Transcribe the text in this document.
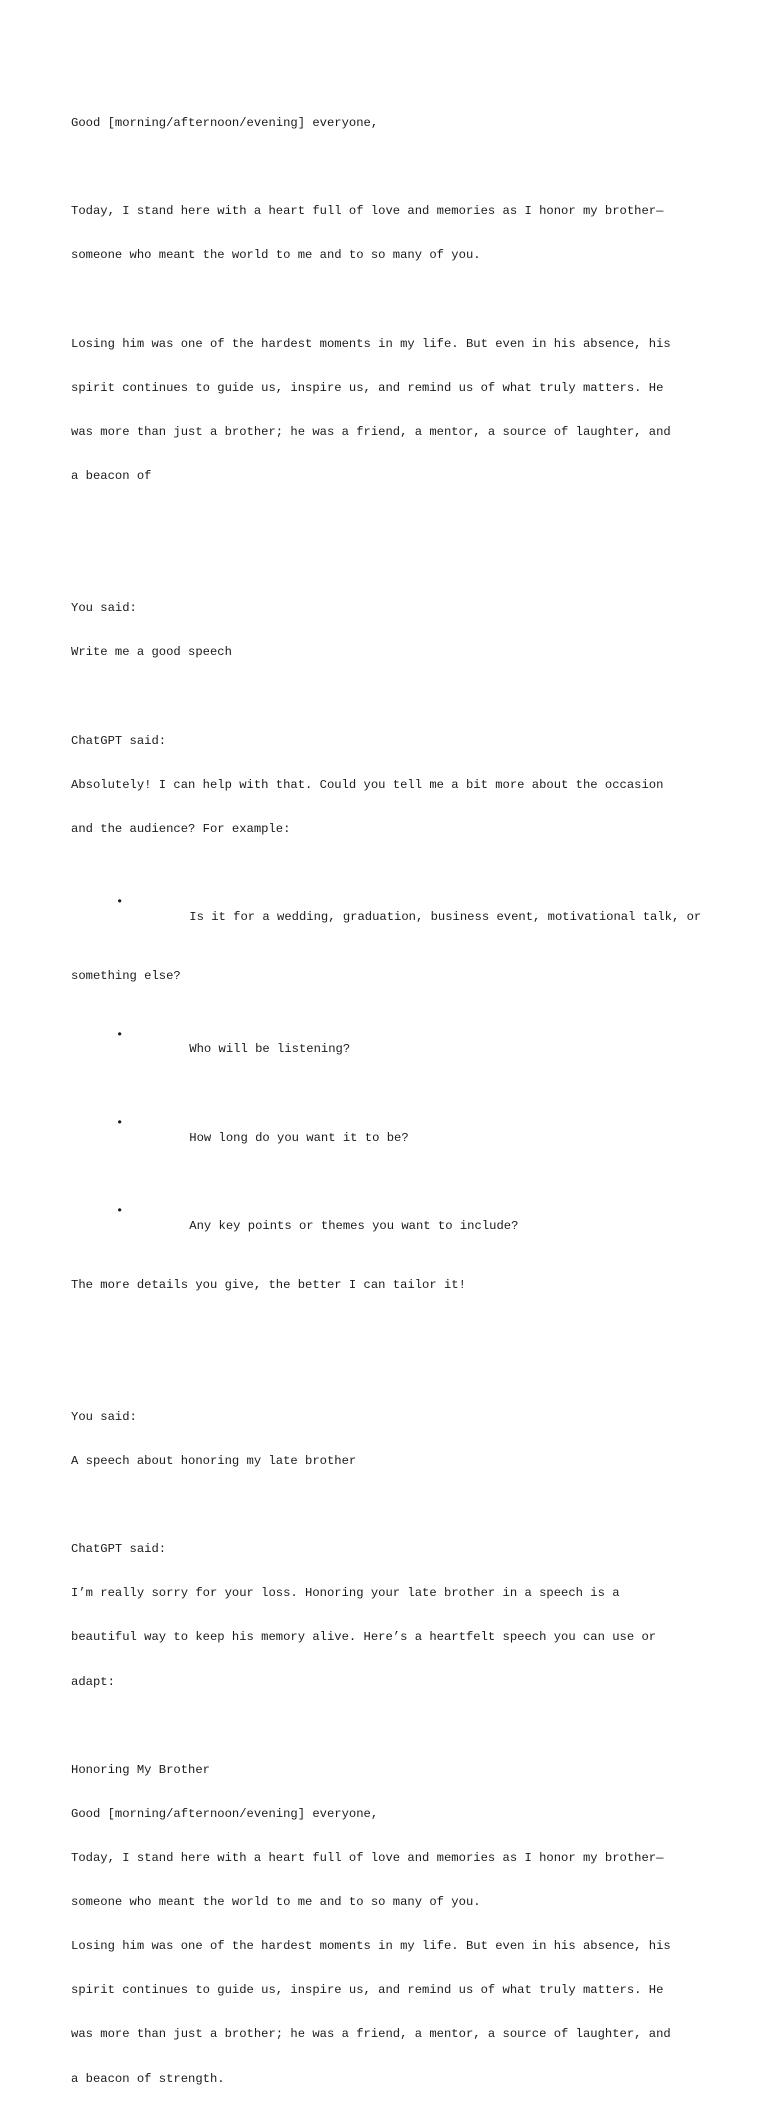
Good [morning/afternoon/evening] everyone,

Today, I stand here with a heart full of love and memories as I honor my brother—

someone who meant the world to me and to so many of you.

Losing him was one of the hardest moments in my life. But even in his absence, his

spirit continues to guide us, inspire us, and remind us of what truly matters. He

was more than just a brother; he was a friend, a mentor, a source of laughter, and

a beacon of

You said:

Write me a good speech

ChatGPT said:

Absolutely! I can help with that. Could you tell me a bit more about the occasion

and the audience? For example:

•

Is it for a wedding, graduation, business event, motivational talk, or

something else?

•

Who will be listening?

•

How long do you want it to be?

•

Any key points or themes you want to include?

The more details you give, the better I can tailor it!

You said:

A speech about honoring my late brother

ChatGPT said:

I’m really sorry for your loss. Honoring your late brother in a speech is a

beautiful way to keep his memory alive. Here’s a heartfelt speech you can use or

adapt:

Honoring My Brother

Good [morning/afternoon/evening] everyone,

Today, I stand here with a heart full of love and memories as I honor my brother—

someone who meant the world to me and to so many of you.

Losing him was one of the hardest moments in my life. But even in his absence, his

spirit continues to guide us, inspire us, and remind us of what truly matters. He

was more than just a brother; he was a friend, a mentor, a source of laughter, and

a beacon of strength.
